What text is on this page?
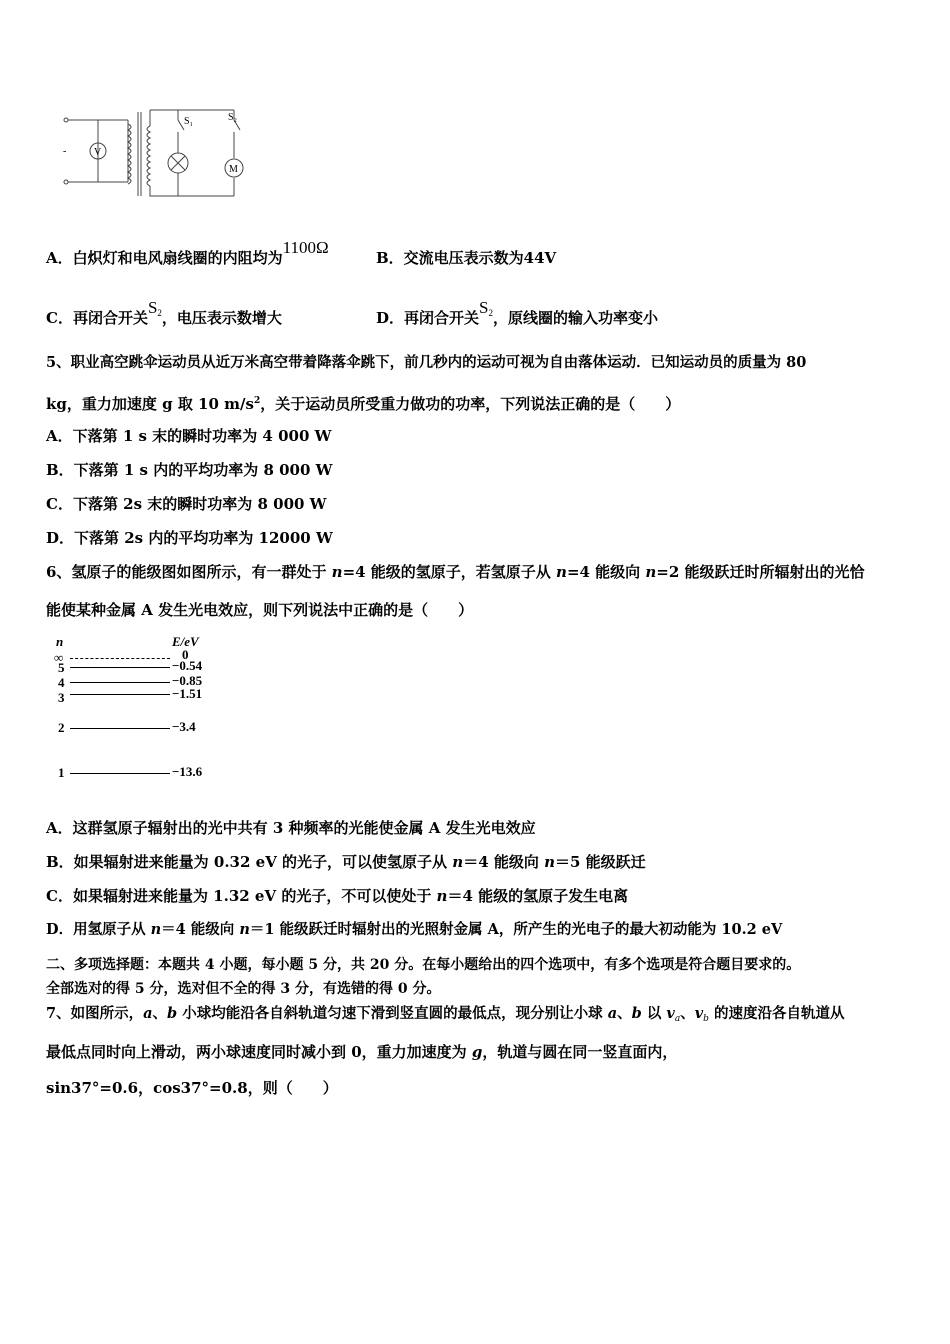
V
M
S₁	S₂
-
A．白炽灯和电风扇线圈的内阻均为1100Ω
B．交流电压表示数为44V
C．再闭合开关$S_2$，电压表示数增大	D．再闭合开关$S_2$，原线圈的输入功率变小
5、职业高空跳伞运动员从近万米高空带着降落伞跳下，前几秒内的运动可视为自由落体运动．已知运动员的质量为 80
kg，重力加速度 g 取 10 $m/s^2$，关于运动员所受重力做功的功率，下列说法正确的是（　　）
A．下落第 1 s 末的瞬时功率为 4 000 W
B．下落第 1 s 内的平均功率为 8 000 W
C．下落第 2s 末的瞬时功率为 8 000 W
D．下落第 2s 内的平均功率为 12000 W
6、氢原子的能级图如图所示，有一群处于 n=4 能级的氢原子，若氢原子从 n=4 能级向 n=2 能级跃迁时所辐射出的光恰
能使某种金属 A 发生光电效应，则下列说法中正确的是（　　）
n	E/eV
∞	0
5	−0.54
4	−0.85
3	−1.51
2	−3.4
1	−13.6
A．这群氢原子辐射出的光中共有 3 种频率的光能使金属 A 发生光电效应
B．如果辐射进来能量为 0.32 eV 的光子，可以使氢原子从 n＝4 能级向 n＝5 能级跃迁
C．如果辐射进来能量为 1.32 eV 的光子，不可以使处于 n＝4 能级的氢原子发生电离
D．用氢原子从 n＝4 能级向 n＝1 能级跃迁时辐射出的光照射金属 A，所产生的光电子的最大初动能为 10.2 eV
二、多项选择题：本题共 4 小题，每小题 5 分，共 20 分。在每小题给出的四个选项中，有多个选项是符合题目要求的。
全部选对的得 5 分，选对但不全的得 3 分，有选错的得 0 分。
7、如图所示，a、b 小球均能沿各自斜轨道匀速下滑到竖直圆的最低点，现分别让小球 a、b 以 $v_a$、$v_b$ 的速度沿各自轨道从
最低点同时向上滑动，两小球速度同时减小到 0，重力加速度为 g，轨道与圆在同一竖直面内，
sin37°=0.6，cos37°=0.8，则（　　）
